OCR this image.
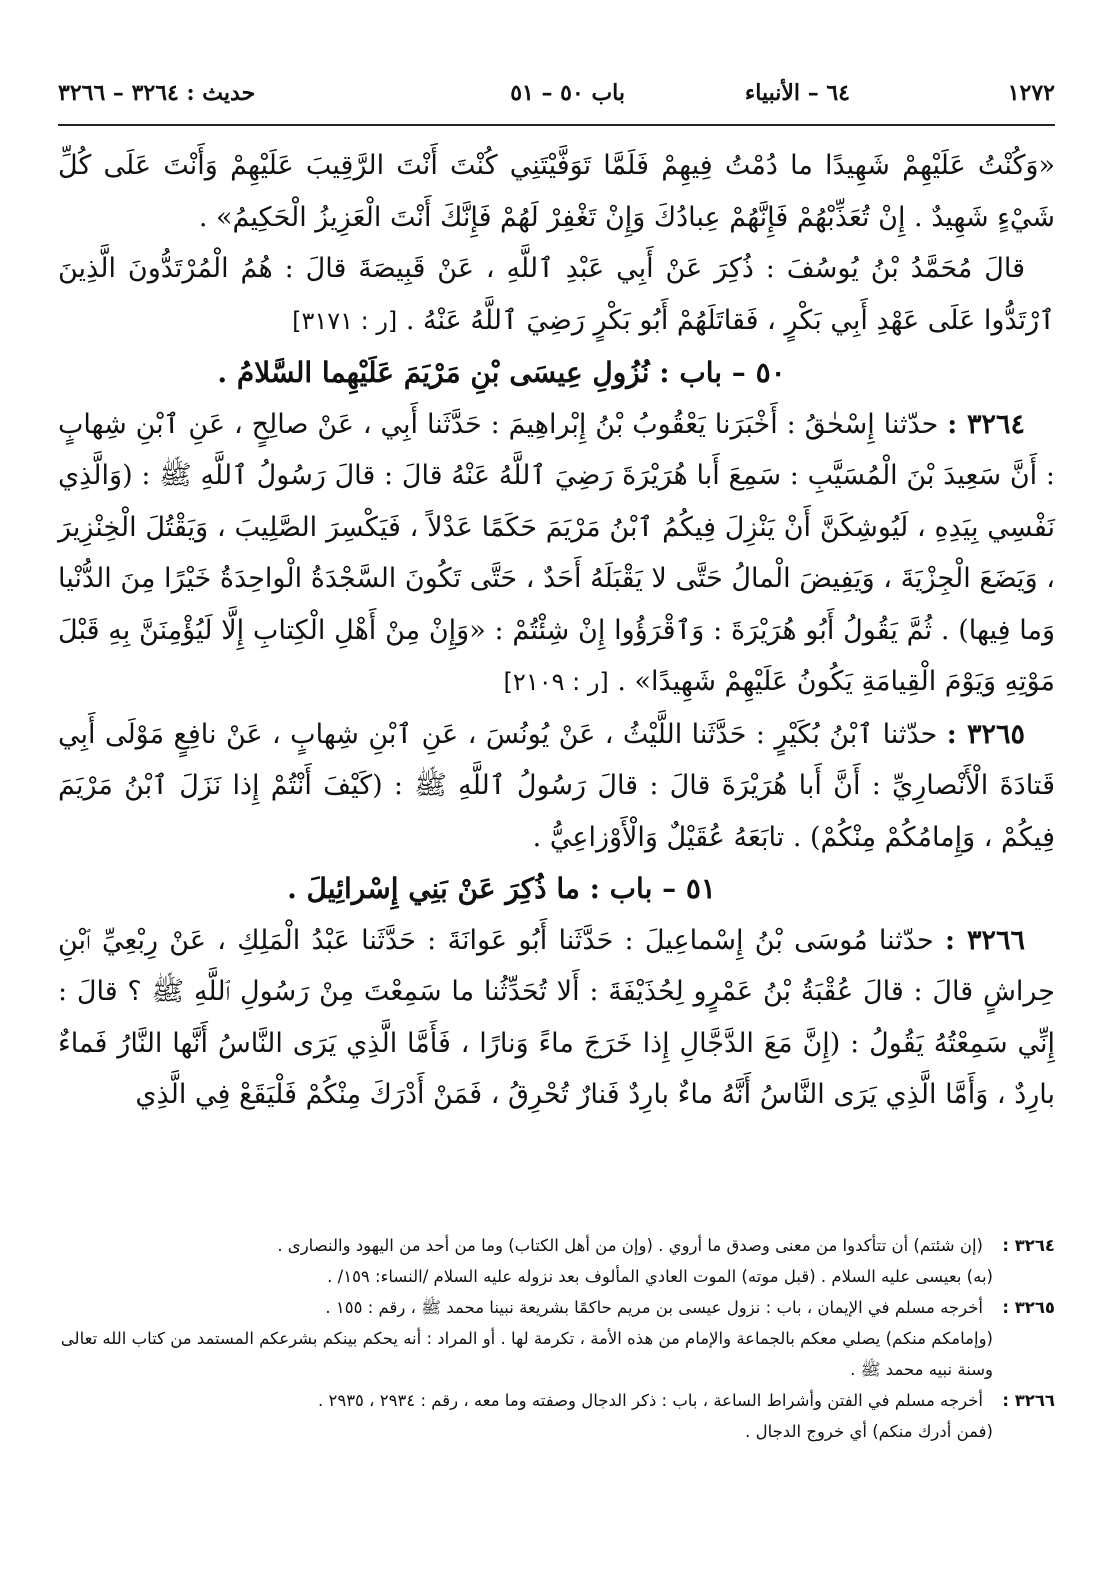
١٢٧٢
٦٤ – الأنبياء
باب ٥٠ – ٥١
حديث : ٣٢٦٤ – ٣٢٦٦

«وَكُنْتُ عَلَيْهِمْ شَهِيدًا ما دُمْتُ فِيهِمْ فَلَمَّا تَوَفَّيْتَنِي كُنْتَ أَنْتَ الرَّقِيبَ عَلَيْهِمْ وَأَنْتَ عَلَى كُلِّ شَيْءٍ شَهِيدٌ . إِنْ تُعَذِّبْهُمْ فَإِنَّهُمْ عِبادُكَ وَإِنْ تَغْفِرْ لَهُمْ فَإِنَّكَ أَنْتَ الْعَزِيزُ الْحَكِيمُ» .

قالَ مُحَمَّدُ بْنُ يُوسُفَ : ذُكِرَ عَنْ أَبِي عَبْدِ ٱللَّهِ ، عَنْ قَبِيصَةَ قالَ : هُمُ الْمُرْتَدُّونَ الَّذِينَ ٱرْتَدُّوا عَلَى عَهْدِ أَبِي بَكْرٍ ، فَقاتَلَهُمْ أَبُو بَكْرٍ رَضِيَ ٱللَّهُ عَنْهُ . [ر : ٣١٧١]

٥٠ – باب : نُزُولِ عِيسَى بْنِ مَرْيَمَ عَلَيْهِما السَّلامُ .

٣٢٦٤ : حدّثنا إِسْحٰقُ : أَخْبَرَنا يَعْقُوبُ بْنُ إِبْراهِيمَ : حَدَّثَنا أَبِي ، عَنْ صالِحٍ ، عَنِ ٱبْنِ شِهابٍ : أَنَّ سَعِيدَ بْنَ الْمُسَيَّبِ : سَمِعَ أَبا هُرَيْرَةَ رَضِيَ ٱللَّهُ عَنْهُ قالَ : قالَ رَسُولُ ٱللَّهِ ﷺ : (وَالَّذِي نَفْسِي بِيَدِهِ ، لَيُوشِكَنَّ أَنْ يَنْزِلَ فِيكُمُ ٱبْنُ مَرْيَمَ حَكَمًا عَدْلاً ، فَيَكْسِرَ الصَّلِيبَ ، وَيَقْتُلَ الْخِنْزِيرَ ، وَيَضَعَ الْجِزْيَةَ ، وَيَفِيضَ الْمالُ حَتَّى لا يَقْبَلَهُ أَحَدٌ ، حَتَّى تَكُونَ السَّجْدَةُ الْواحِدَةُ خَيْرًا مِنَ الدُّنْيا وَما فِيها) . ثُمَّ يَقُولُ أَبُو هُرَيْرَةَ : وَٱقْرَؤُوا إِنْ شِئْتُمْ : «وَإِنْ مِنْ أَهْلِ الْكِتابِ إِلَّا لَيُؤْمِنَنَّ بِهِ قَبْلَ مَوْتِهِ وَيَوْمَ الْقِيامَةِ يَكُونُ عَلَيْهِمْ شَهِيدًا» . [ر : ٢١٠٩]

٣٢٦٥ : حدّثنا ٱبْنُ بُكَيْرٍ : حَدَّثَنا اللَّيْثُ ، عَنْ يُونُسَ ، عَنِ ٱبْنِ شِهابٍ ، عَنْ نافِعٍ مَوْلَى أَبِي قَتادَةَ الْأَنْصارِيِّ : أَنَّ أَبا هُرَيْرَةَ قالَ : قالَ رَسُولُ ٱللَّهِ ﷺ : (كَيْفَ أَنْتُمْ إِذا نَزَلَ ٱبْنُ مَرْيَمَ فِيكُمْ ، وَإِمامُكُمْ مِنْكُمْ) . تابَعَهُ عُقَيْلٌ وَالْأَوْزاعِيُّ .

٥١ – باب : ما ذُكِرَ عَنْ بَنِي إِسْرائِيلَ .

٣٢٦٦ : حدّثنا مُوسَى بْنُ إِسْماعِيلَ : حَدَّثَنا أَبُو عَوانَةَ : حَدَّثَنا عَبْدُ الْمَلِكِ ، عَنْ رِبْعِيِّ ٱبْنِ حِراشٍ قالَ : قالَ عُقْبَةُ بْنُ عَمْرٍو لِحُذَيْفَةَ : أَلا تُحَدِّثُنا ما سَمِعْتَ مِنْ رَسُولِ ٱللَّهِ ﷺ ؟ قالَ : إِنِّي سَمِعْتُهُ يَقُولُ : (إِنَّ مَعَ الدَّجَّالِ إِذا خَرَجَ ماءً وَنارًا ، فَأَمَّا الَّذِي يَرَى النَّاسُ أَنَّها النَّارُ فَماءٌ بارِدٌ ، وَأَمَّا الَّذِي يَرَى النَّاسُ أَنَّهُ ماءٌ بارِدٌ فَنارٌ تُحْرِقُ ، فَمَنْ أَدْرَكَ مِنْكُمْ فَلْيَقَعْ فِي الَّذِي

٣٢٦٤ :
(إن شئتم) أن تتأكدوا من معنى وصدق ما أروي . (وإن من أهل الكتاب) وما من أحد من اليهود والنصارى .

(به) بعيسى عليه السلام . (قبل موته) الموت العادي المألوف بعد نزوله عليه السلام /النساء: ١٥٩/ .

٣٢٦٥ :
أخرجه مسلم في الإيمان ، باب : نزول عيسى بن مريم حاكمًا بشريعة نبينا محمد ﷺ ، رقم : ١٥٥ .

(وإمامكم منكم) يصلي معكم بالجماعة والإمام من هذه الأمة ، تكرمة لها . أو المراد : أنه يحكم بينكم بشرعكم المستمد من كتاب الله تعالى وسنة نبيه محمد ﷺ .

٣٢٦٦ :
أخرجه مسلم في الفتن وأشراط الساعة ، باب : ذكر الدجال وصفته وما معه ، رقم : ٢٩٣٤ ، ٢٩٣٥ .

(فمن أدرك منكم) أي خروج الدجال .
